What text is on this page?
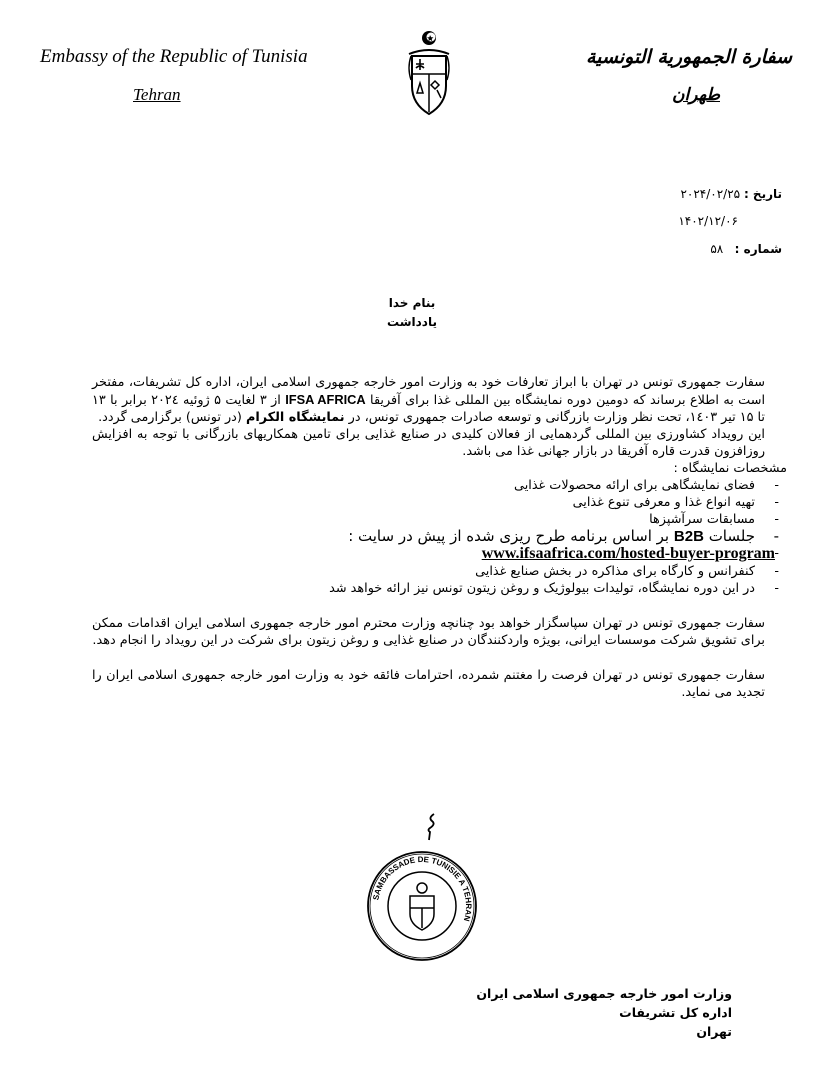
Embassy of the Republic of Tunisia
Tehran
سفارة الجمهورية التونسية
طهران
تاریخ : ۲۰۲۴/۰۲/۲۵
۱۴۰۲/۱۲/۰۶
شماره :   ۵۸
بنام خدا
یادداشت

سفارت جمهوری تونس در تهران با ابراز تعارفات خود به وزارت امور خارجه جمهوری اسلامی ایران، اداره کل تشریفات، مفتخر است به اطلاع برساند که دومین دوره نمایشگاه بین المللی غذا برای آفریقا IFSA AFRICA از ۳ لغایت ۵ ژوئیه ۲۰۲٤ برابر با ۱۳ تا ۱۵ تیر ۱٤۰۳، تحت نظر وزارت بازرگانی و توسعه صادرات جمهوری تونس، در نمایشگاه الکرام (در تونس) برگزارمی گردد.

این رویداد کشاورزی بین المللی گردهمایی از فعالان کلیدی در صنایع غذایی برای تامین همکاریهای بازرگانی با توجه به افزایش روزافزون قدرت قاره آفریقا در بازار جهانی غذا می باشد.

مشخصات نمایشگاه :

- فضای نمایشگاهی برای ارائه محصولات غذایی
- تهیه انواع غذا و معرفی تنوع غذایی
- مسابقات سرآشپزها
- جلسات B2B بر اساس برنامه طرح ریزی شده از پیش در سایت :
- www.ifsaafrica.com/hosted-buyer-program
- کنفرانس و کارگاه برای مذاکره در بخش صنایع غذایی
- در این دوره نمایشگاه، تولیدات بیولوژیک و روغن زیتون تونس نیز ارائه خواهد شد

سفارت جمهوری تونس در تهران سپاسگزار خواهد بود چنانچه وزارت محترم امور خارجه جمهوری اسلامی ایران اقدامات ممکن برای تشویق شرکت موسسات ایرانی، بویژه واردکنندگان در صنایع غذایی و روغن زیتون برای شرکت در این رویداد را انجام دهد.

سفارت جمهوری تونس در تهران فرصت را مغتنم شمرده، احترامات فائقه خود به وزارت امور خارجه جمهوری اسلامی ایران را تجدید می نماید.

SAMBASSADE DE TUNISIE A TEHRAN
وزارت امور خارجه جمهوری اسلامی ایران
اداره کل تشریفات
تهران
